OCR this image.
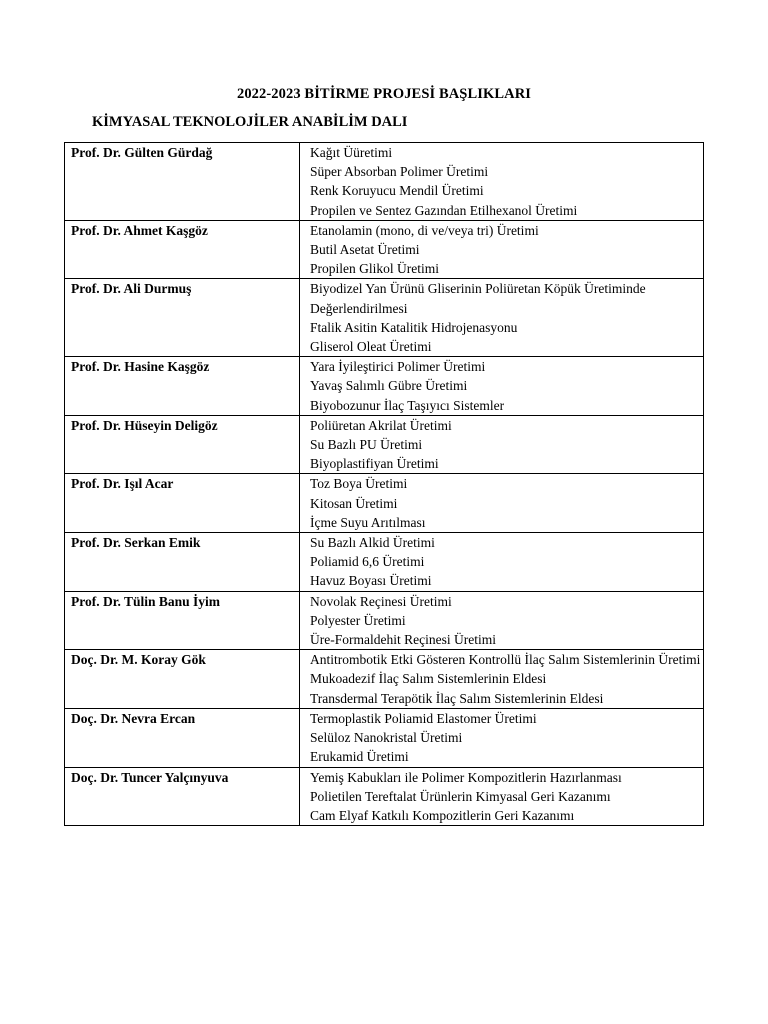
2022-2023 BİTİRME PROJESİ BAŞLIKLARI
KİMYASAL TEKNOLOJİLER ANABİLİM DALI
Prof. Dr. Gülten Gürdağ	Kağıt Üüretimi
Süper Absorban Polimer Üretimi
Renk Koruyucu Mendil Üretimi
Propilen ve Sentez Gazından Etilhexanol Üretimi

Prof. Dr. Ahmet Kaşgöz	Etanolamin (mono, di ve/veya tri) Üretimi
Butil Asetat Üretimi
Propilen Glikol Üretimi

Prof. Dr. Ali Durmuş	Biyodizel Yan Ürünü Gliserinin Poliüretan Köpük Üretiminde Değerlendirilmesi
Ftalik Asitin Katalitik Hidrojenasyonu
Gliserol Oleat Üretimi

Prof. Dr. Hasine Kaşgöz	Yara İyileştirici Polimer Üretimi
Yavaş Salımlı Gübre Üretimi
Biyobozunur İlaç Taşıyıcı Sistemler

Prof. Dr. Hüseyin Deligöz	Poliüretan Akrilat Üretimi
Su Bazlı PU Üretimi
Biyoplastifiyan Üretimi

Prof. Dr. Işıl Acar	Toz Boya Üretimi
Kitosan Üretimi
İçme Suyu Arıtılması

Prof. Dr. Serkan Emik	Su Bazlı Alkid Üretimi
Poliamid 6,6 Üretimi
Havuz Boyası Üretimi

Prof. Dr. Tülin Banu İyim	Novolak Reçinesi Üretimi
Polyester Üretimi
Üre-Formaldehit Reçinesi Üretimi

Doç. Dr. M. Koray Gök	Antitrombotik Etki Gösteren Kontrollü İlaç Salım Sistemlerinin Üretimi
Mukoadezif İlaç Salım Sistemlerinin Eldesi
Transdermal Terapötik İlaç Salım Sistemlerinin Eldesi

Doç. Dr. Nevra Ercan	Termoplastik Poliamid Elastomer Üretimi
Selüloz Nanokristal Üretimi
Erukamid Üretimi

Doç. Dr. Tuncer Yalçınyuva	Yemiş Kabukları ile Polimer Kompozitlerin Hazırlanması
Polietilen Tereftalat Ürünlerin Kimyasal Geri Kazanımı
Cam Elyaf Katkılı Kompozitlerin Geri Kazanımı
